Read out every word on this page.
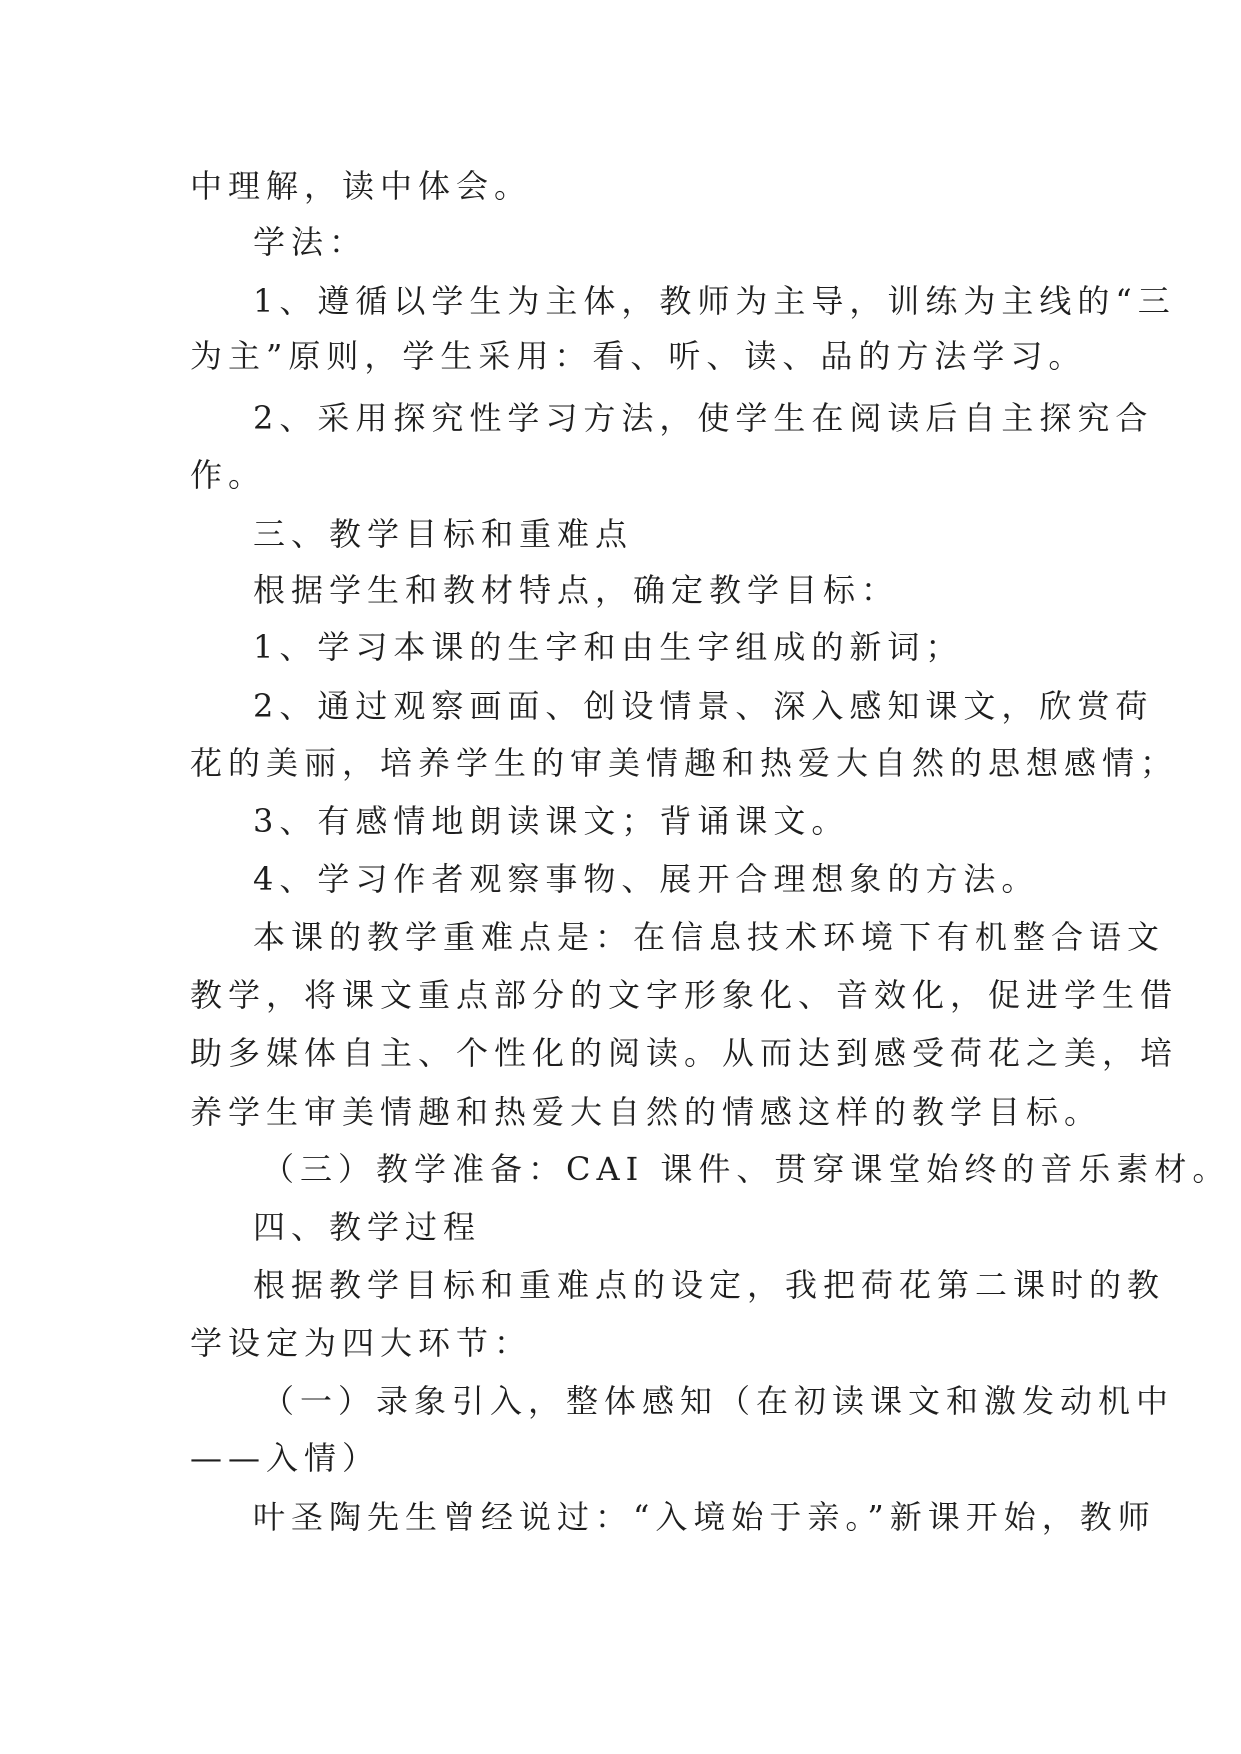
中理解，读中体会。
学法：
1、遵循以学生为主体，教师为主导，训练为主线的“三
为主”原则，学生采用：看、听、读、品的方法学习。
2、采用探究性学习方法，使学生在阅读后自主探究合
作。
三、教学目标和重难点
根据学生和教材特点，确定教学目标：
1、学习本课的生字和由生字组成的新词；
2、通过观察画面、创设情景、深入感知课文，欣赏荷
花的美丽，培养学生的审美情趣和热爱大自然的思想感情；
3、有感情地朗读课文；背诵课文。
4、学习作者观察事物、展开合理想象的方法。
本课的教学重难点是：在信息技术环境下有机整合语文
教学，将课文重点部分的文字形象化、音效化，促进学生借
助多媒体自主、个性化的阅读。从而达到感受荷花之美，培
养学生审美情趣和热爱大自然的情感这样的教学目标。
（三）教学准备：CAI 课件、贯穿课堂始终的音乐素材。
四、教学过程
根据教学目标和重难点的设定，我把荷花第二课时的教
学设定为四大环节：
（一）录象引入，整体感知（在初读课文和激发动机中
——入情）
叶圣陶先生曾经说过：“入境始于亲。”新课开始，教师
